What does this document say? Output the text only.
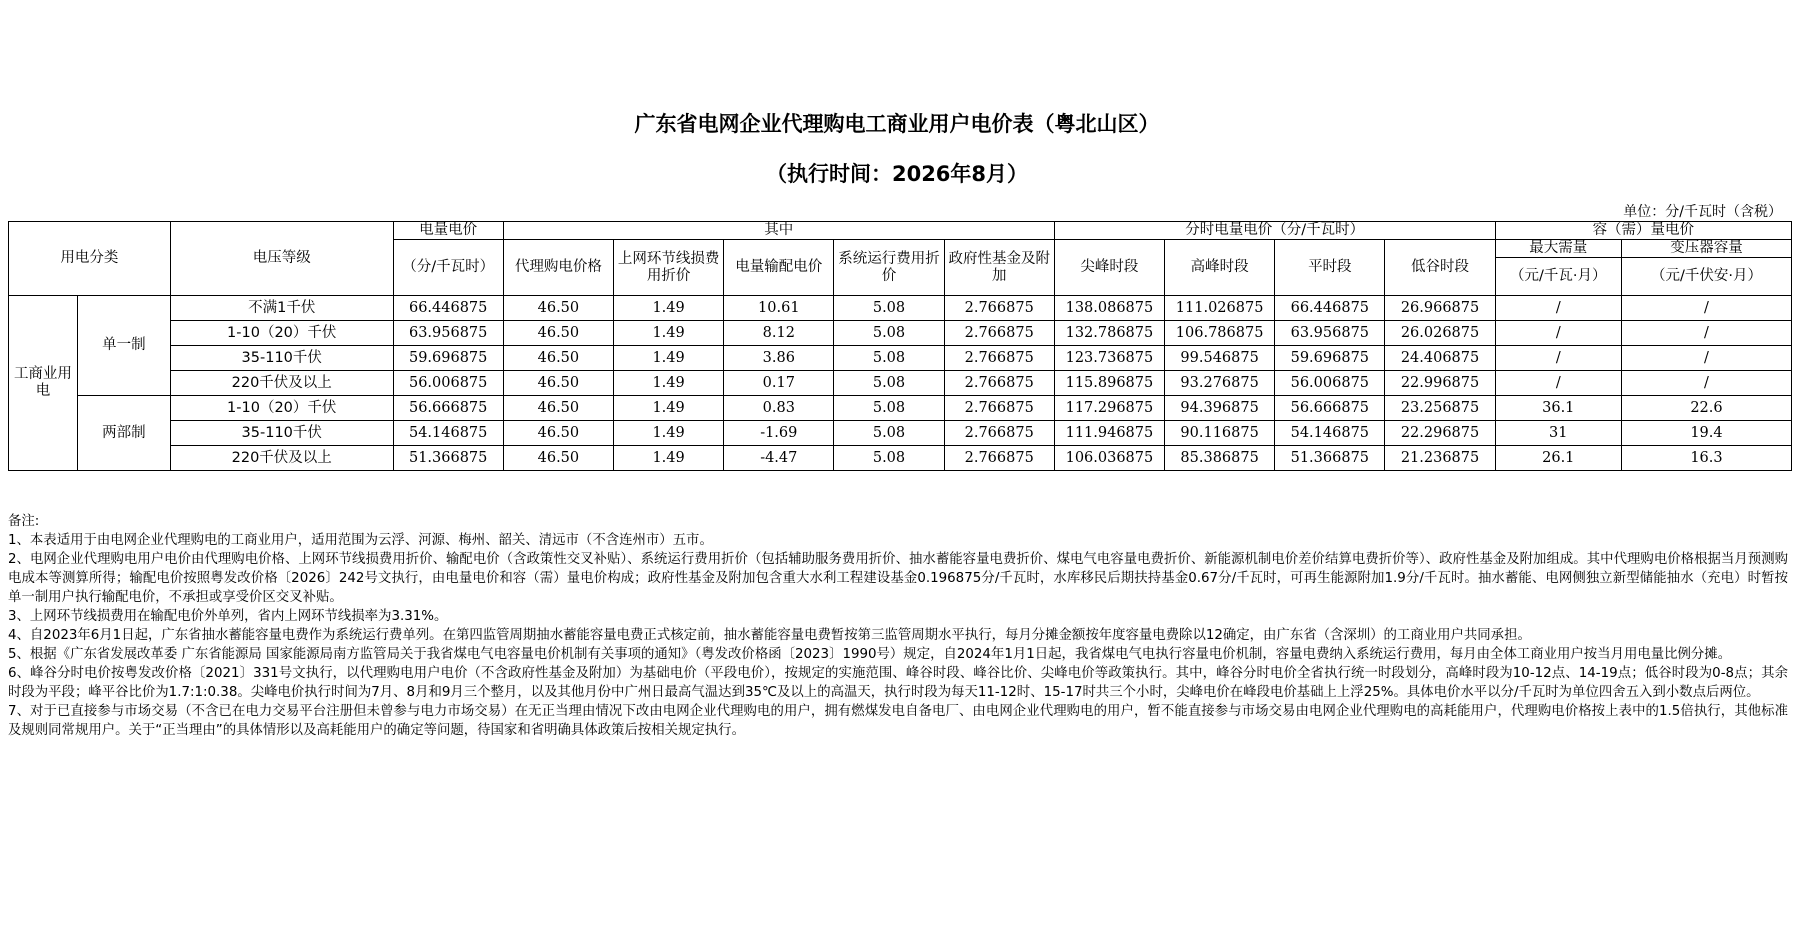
广东省电网企业代理购电工商业用户电价表（粤北山区）
（执行时间：2026年8月）
单位：分/千瓦时（含税）
用电分类		电压等级	电量电价	其中					分时电量电价（分/千瓦时）				容（需）量电价	
			（分/千瓦时）	代理购电价格	上网环节线损费用折价	电量输配电价	系统运行费用折价	政府性基金及附加	尖峰时段	高峰时段	平时段	低谷时段	最大需量	变压器容量
													（元/千瓦·月）	（元/千伏安·月）
工商业用电	单一制	不满1千伏	66.446875	46.50	1.49	10.61	5.08	2.766875	138.086875	111.026875	66.446875	26.966875	/	/
		1-10（20）千伏	63.956875	46.50	1.49	8.12	5.08	2.766875	132.786875	106.786875	63.956875	26.026875	/	/
		35-110千伏	59.696875	46.50	1.49	3.86	5.08	2.766875	123.736875	99.546875	59.696875	24.406875	/	/
		220千伏及以上	56.006875	46.50	1.49	0.17	5.08	2.766875	115.896875	93.276875	56.006875	22.996875	/	/
	两部制	1-10（20）千伏	56.666875	46.50	1.49	0.83	5.08	2.766875	117.296875	94.396875	56.666875	23.256875	36.1	22.6
		35-110千伏	54.146875	46.50	1.49	-1.69	5.08	2.766875	111.946875	90.116875	54.146875	22.296875	31	19.4
		220千伏及以上	51.366875	46.50	1.49	-4.47	5.08	2.766875	106.036875	85.386875	51.366875	21.236875	26.1	16.3

备注:

1、本表适用于由电网企业代理购电的工商业用户，适用范围为云浮、河源、梅州、韶关、清远市（不含连州市）五市。

2、电网企业代理购电用户电价由代理购电价格、上网环节线损费用折价、输配电价（含政策性交叉补贴）、系统运行费用折价（包括辅助服务费用折价、抽水蓄能容量电费折价、煤电气电容量电费折价、新能源机制电价差价结算电费折价等）、政府性基金及附加组成。其中代理购电价格根据当月预测购电成本等测算所得；输配电价按照粤发改价格〔2026〕242号文执行，由电量电价和容（需）量电价构成；政府性基金及附加包含重大水利工程建设基金0.196875分/千瓦时，水库移民后期扶持基金0.67分/千瓦时，可再生能源附加1.9分/千瓦时。抽水蓄能、电网侧独立新型储能抽水（充电）时暂按单一制用户执行输配电价，不承担或享受价区交叉补贴。

3、上网环节线损费用在输配电价外单列，省内上网环节线损率为3.31%。

4、自2023年6月1日起，广东省抽水蓄能容量电费作为系统运行费单列。在第四监管周期抽水蓄能容量电费正式核定前，抽水蓄能容量电费暂按第三监管周期水平执行，每月分摊金额按年度容量电费除以12确定，由广东省（含深圳）的工商业用户共同承担。

5、根据《广东省发展改革委 广东省能源局 国家能源局南方监管局关于我省煤电气电容量电价机制有关事项的通知》（粤发改价格函〔2023〕1990号）规定，自2024年1月1日起，我省煤电气电执行容量电价机制，容量电费纳入系统运行费用，每月由全体工商业用户按当月用电量比例分摊。

6、峰谷分时电价按粤发改价格〔2021〕331号文执行，以代理购电用户电价（不含政府性基金及附加）为基础电价（平段电价），按规定的实施范围、峰谷时段、峰谷比价、尖峰电价等政策执行。其中，峰谷分时电价全省执行统一时段划分，高峰时段为10-12点、14-19点；低谷时段为0-8点；其余时段为平段；峰平谷比价为1.7:1:0.38。尖峰电价执行时间为7月、8月和9月三个整月，以及其他月份中广州日最高气温达到35℃及以上的高温天，执行时段为每天11-12时、15-17时共三个小时，尖峰电价在峰段电价基础上上浮25%。具体电价水平以分/千瓦时为单位四舍五入到小数点后两位。

7、对于已直接参与市场交易（不含已在电力交易平台注册但未曾参与电力市场交易）在无正当理由情况下改由电网企业代理购电的用户，拥有燃煤发电自备电厂、由电网企业代理购电的用户，暂不能直接参与市场交易由电网企业代理购电的高耗能用户，代理购电价格按上表中的1.5倍执行，其他标准及规则同常规用户。关于“正当理由”的具体情形以及高耗能用户的确定等问题，待国家和省明确具体政策后按相关规定执行。
